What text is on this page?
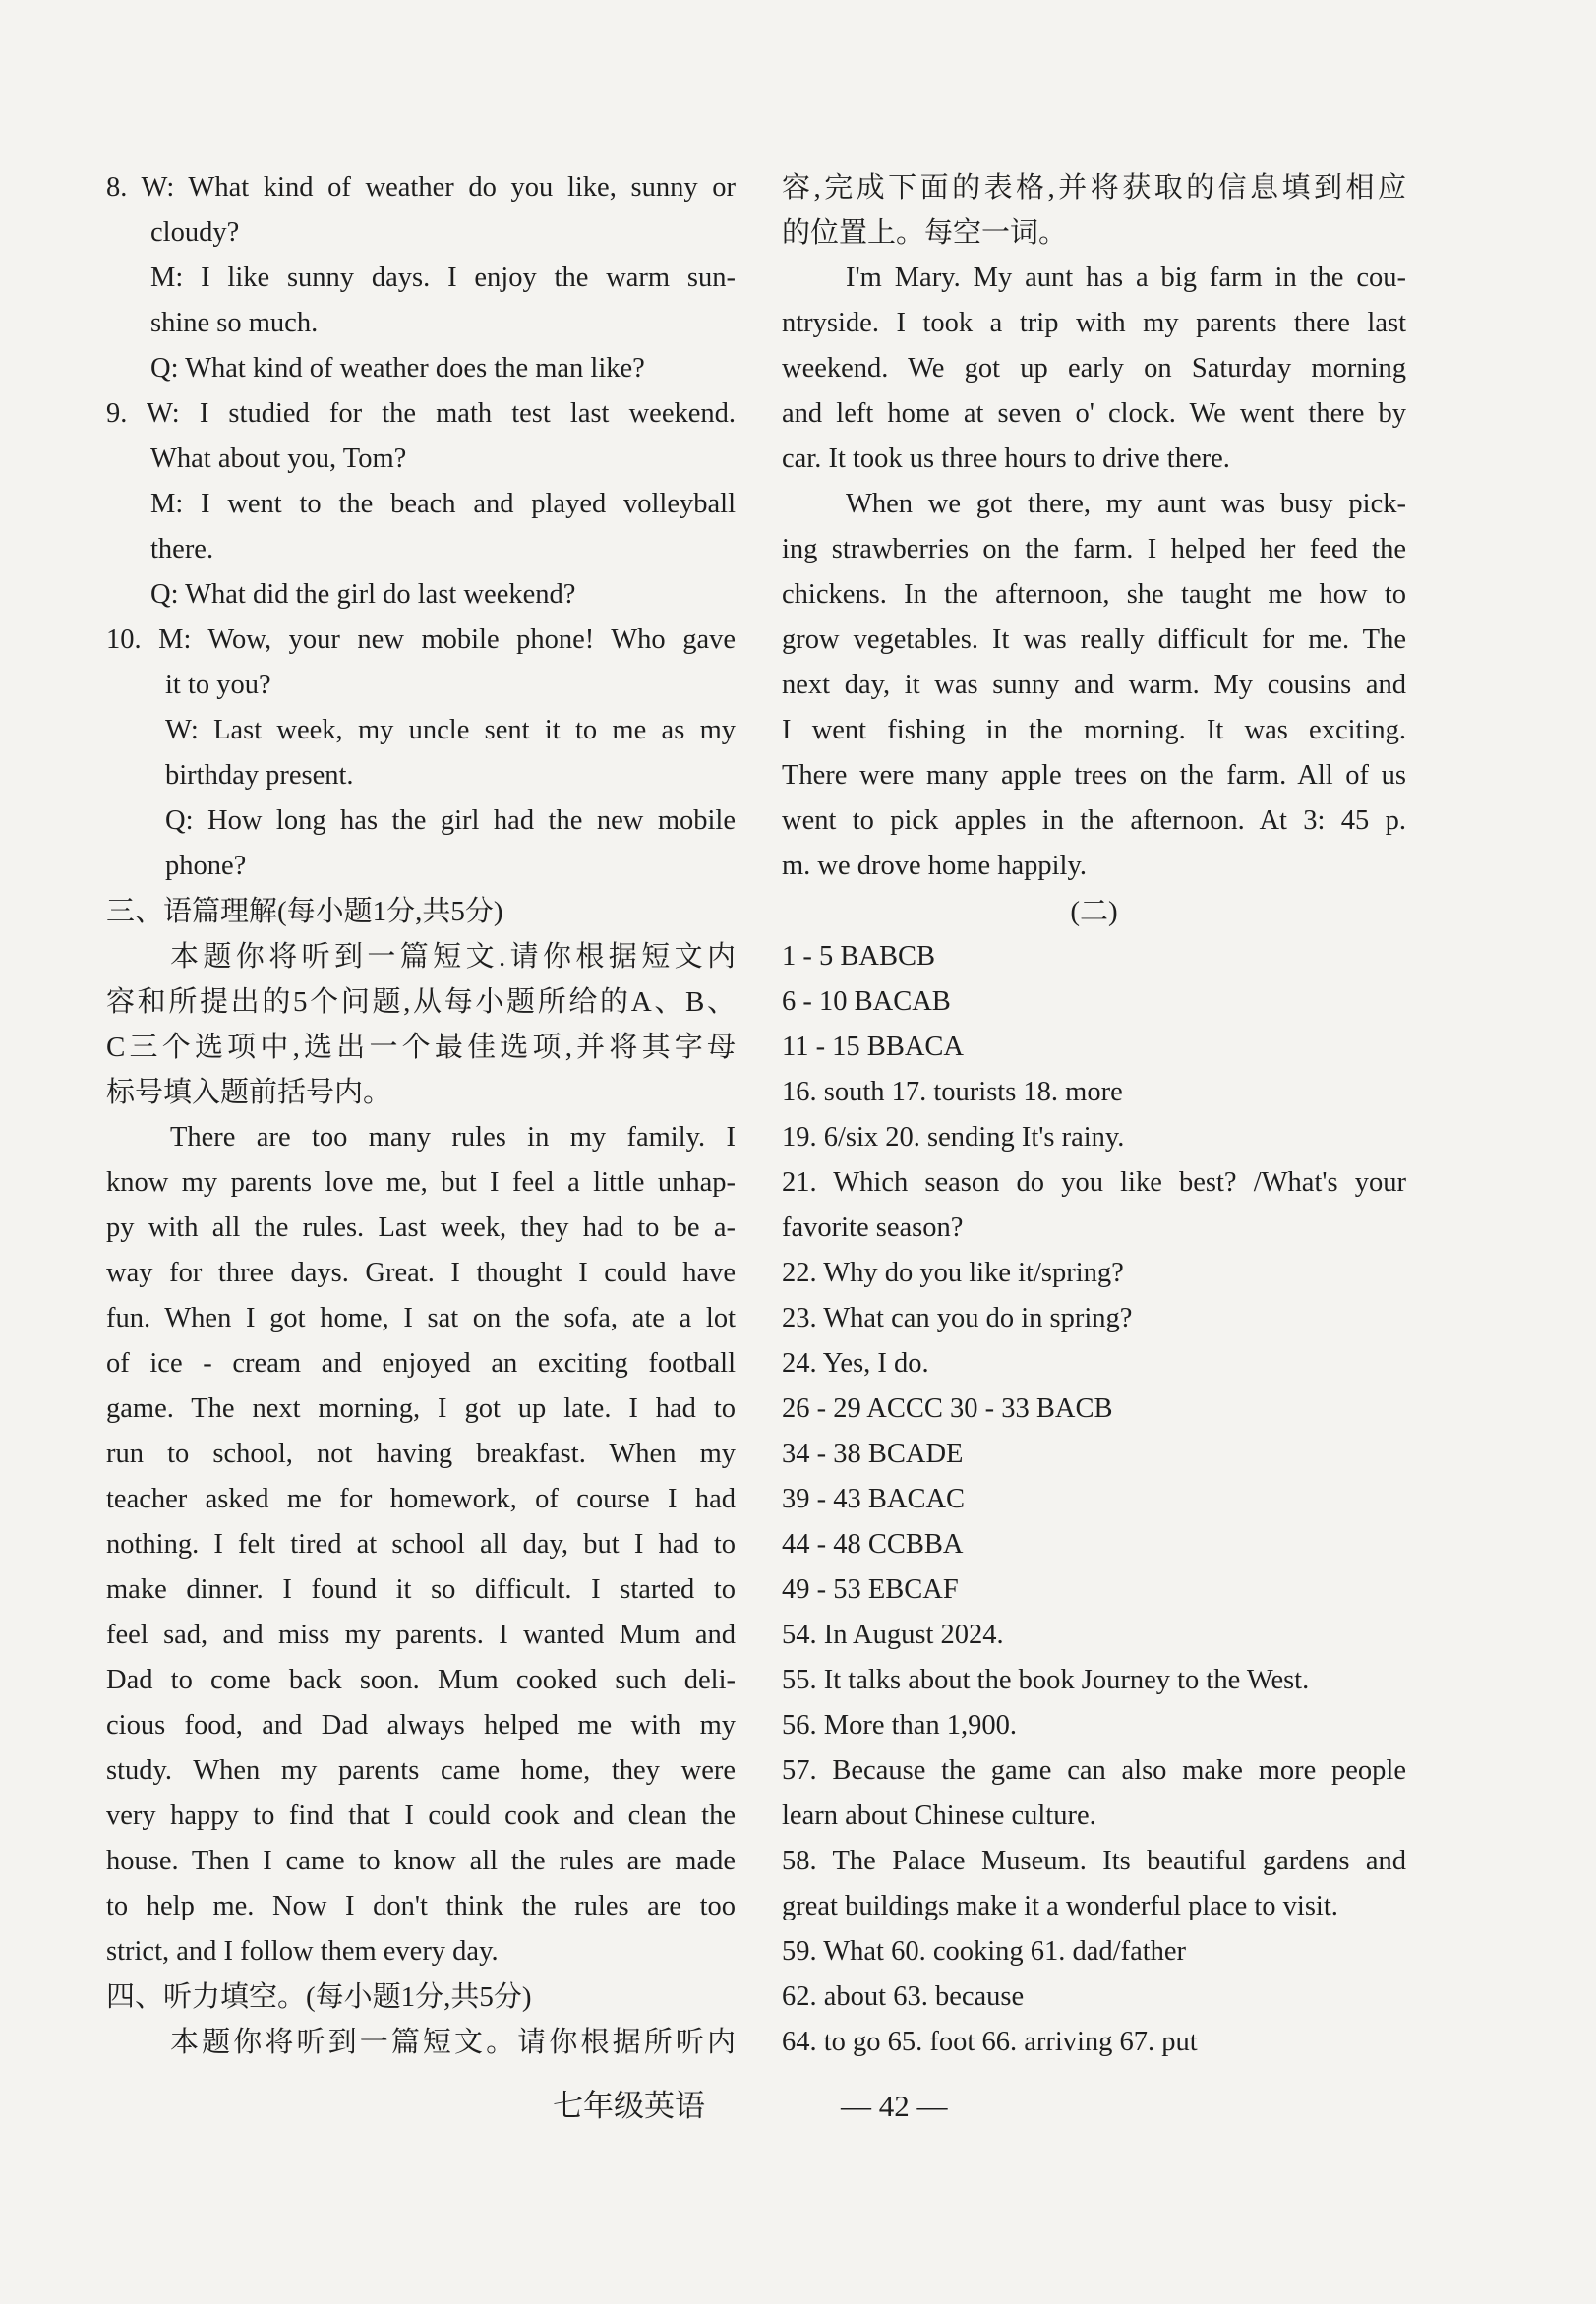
8. W: What kind of weather do you like, sunny or
cloudy?
M: I like sunny days. I enjoy the warm sun-
shine so much.
Q: What kind of weather does the man like?
9. W: I studied for the math test last weekend.
What about you, Tom?
M: I went to the beach and played volleyball
there.
Q: What did the girl do last weekend?
10. M: Wow, your new mobile phone! Who gave
it to you?
W: Last week, my uncle sent it to me as my
birthday present.
Q: How long has the girl had the new mobile
phone?
三、语篇理解(每小题1分,共5分)
本题你将听到一篇短文.请你根据短文内
容和所提出的5个问题,从每小题所给的A、B、
C三个选项中,选出一个最佳选项,并将其字母
标号填入题前括号内。
There are too many rules in my family. I
know my parents love me, but I feel a little unhap-
py with all the rules. Last week, they had to be a-
way for three days. Great. I thought I could have
fun. When I got home, I sat on the sofa, ate a lot
of ice - cream and enjoyed an exciting football
game. The next morning, I got up late. I had to
run to school, not having breakfast. When my
teacher asked me for homework, of course I had
nothing. I felt tired at school all day, but I had to
make dinner. I found it so difficult. I started to
feel sad, and miss my parents. I wanted Mum and
Dad to come back soon. Mum cooked such deli-
cious food, and Dad always helped me with my
study. When my parents came home, they were
very happy to find that I could cook and clean the
house. Then I came to know all the rules are made
to help me. Now I don't think the rules are too
strict, and I follow them every day.
四、听力填空。(每小题1分,共5分)
本题你将听到一篇短文。请你根据所听内
容,完成下面的表格,并将获取的信息填到相应
的位置上。每空一词。
I'm Mary. My aunt has a big farm in the cou-
ntryside. I took a trip with my parents there last
weekend. We got up early on Saturday morning
and left home at seven o' clock. We went there by
car. It took us three hours to drive there.
When we got there, my aunt was busy pick-
ing strawberries on the farm. I helped her feed the
chickens. In the afternoon, she taught me how to
grow vegetables. It was really difficult for me. The
next day, it was sunny and warm. My cousins and
I went fishing in the morning. It was exciting.
There were many apple trees on the farm. All of us
went to pick apples in the afternoon. At 3: 45 p.
m. we drove home happily.
(二)
1 - 5 BABCB
6 - 10 BACAB
11 - 15 BBACA
16. south 17. tourists 18. more
19. 6/six 20. sending It's rainy.
21. Which season do you like best? /What's your
favorite season?
22. Why do you like it/spring?
23. What can you do in spring?
24. Yes, I do.
26 - 29 ACCC 30 - 33 BACB
34 - 38 BCADE
39 - 43 BACAC
44 - 48 CCBBA
49 - 53 EBCAF
54. In August 2024.
55. It talks about the book Journey to the West.
56. More than 1,900.
57. Because the game can also make more people
learn about Chinese culture.
58. The Palace Museum. Its beautiful gardens and
great buildings make it a wonderful place to visit.
59. What 60. cooking 61. dad/father
62. about 63. because
64. to go 65. foot 66. arriving 67. put
七年级英语	— 42 —
